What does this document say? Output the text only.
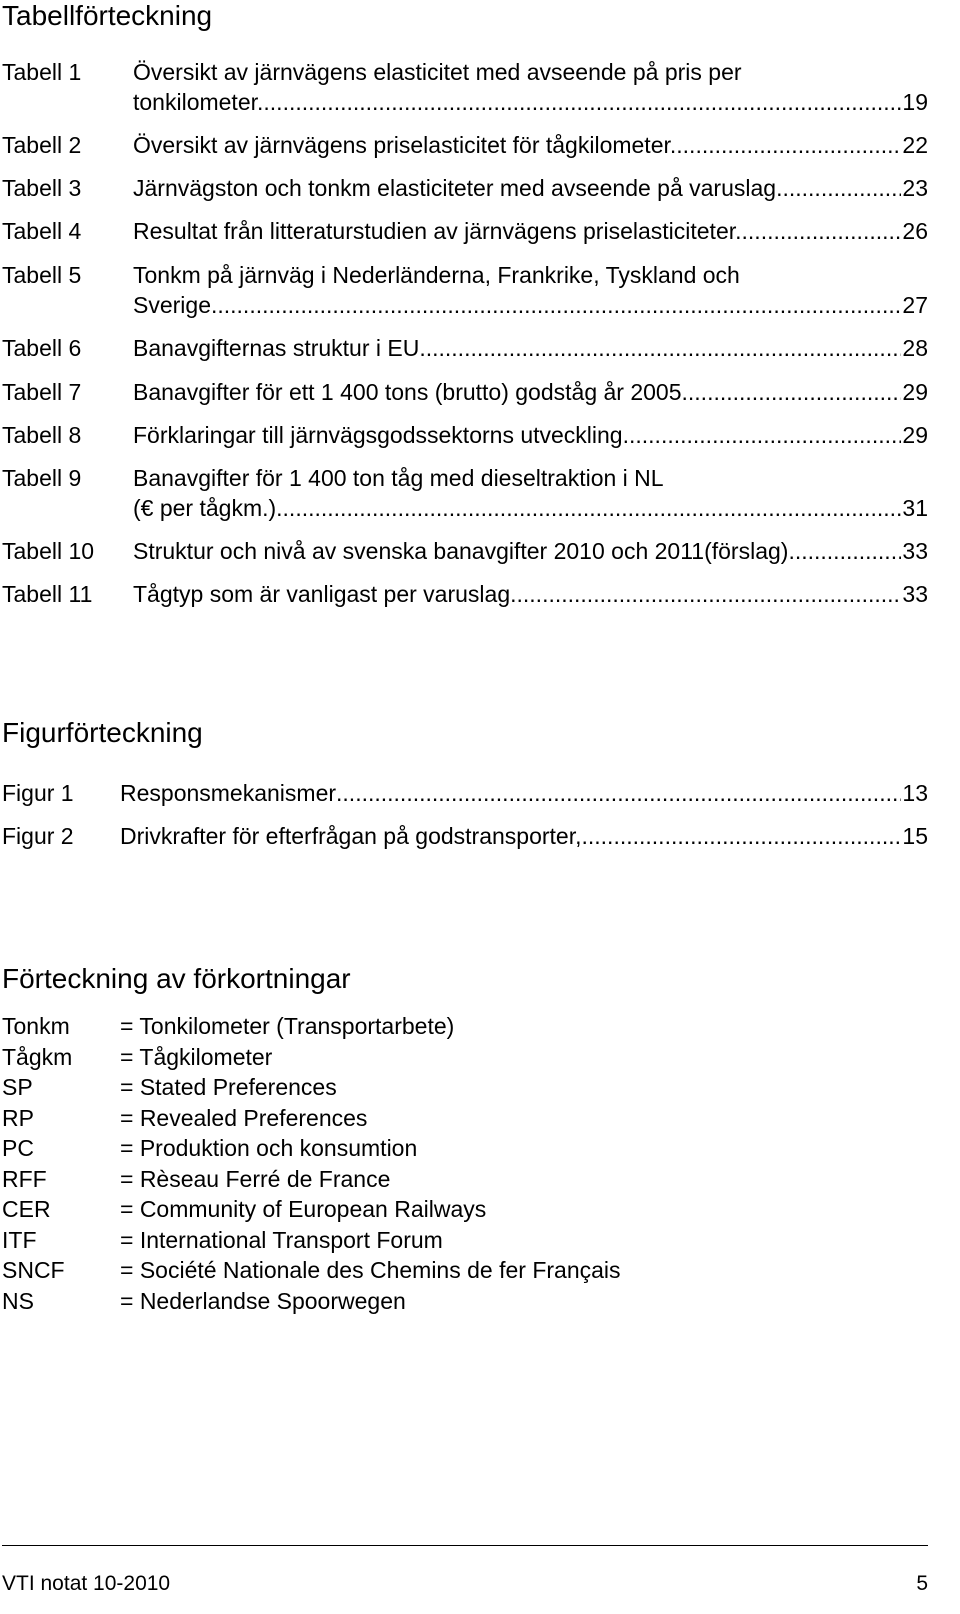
Tabellförteckning
Tabell 1 Översikt av järnvägens elasticitet med avseende på pris per
tonkilometer. .....	19
Tabell 2 Översikt av järnvägens priselasticitet för tågkilometer. .....	22
Tabell 3 Järnvägston och tonkm elasticiteter med avseende på varuslag. .....	23
Tabell 4 Resultat från litteraturstudien av järnvägens priselasticiteter. .....	26
Tabell 5 Tonkm på järnväg i Nederländerna, Frankrike, Tyskland och
Sverige. .....	27
Tabell 6 Banavgifternas struktur i EU. .....	28
Tabell 7 Banavgifter för ett 1 400 tons (brutto) godståg år 2005. .....	29
Tabell 8 Förklaringar till järnvägsgodssektorns utveckling .....	29
Tabell 9 Banavgifter för 1 400 ton tåg med dieseltraktion i NL
(€ per tågkm.) .....	31
Tabell 10 Struktur och nivå av svenska banavgifter 2010 och 2011(förslag). .....	33
Tabell 11 Tågtyp som är vanligast per varuslag. .....	33
Figurförteckning
Figur 1 Responsmekanismer .....	13
Figur 2 Drivkrafter för efterfrågan på godstransporter, .....	15
Förteckning av förkortningar
Tonkm = Tonkilometer (Transportarbete)
Tågkm = Tågkilometer
SP	= Stated Preferences
RP	= Revealed Preferences
PC	= Produktion och konsumtion
RFF	= Rèseau Ferré de France
CER	= Community of European Railways
ITF	= International Transport Forum
SNCF = Société Nationale des Chemins de fer Français
NS	= Nederlandse Spoorwegen
VTI notat 10-2010	5
